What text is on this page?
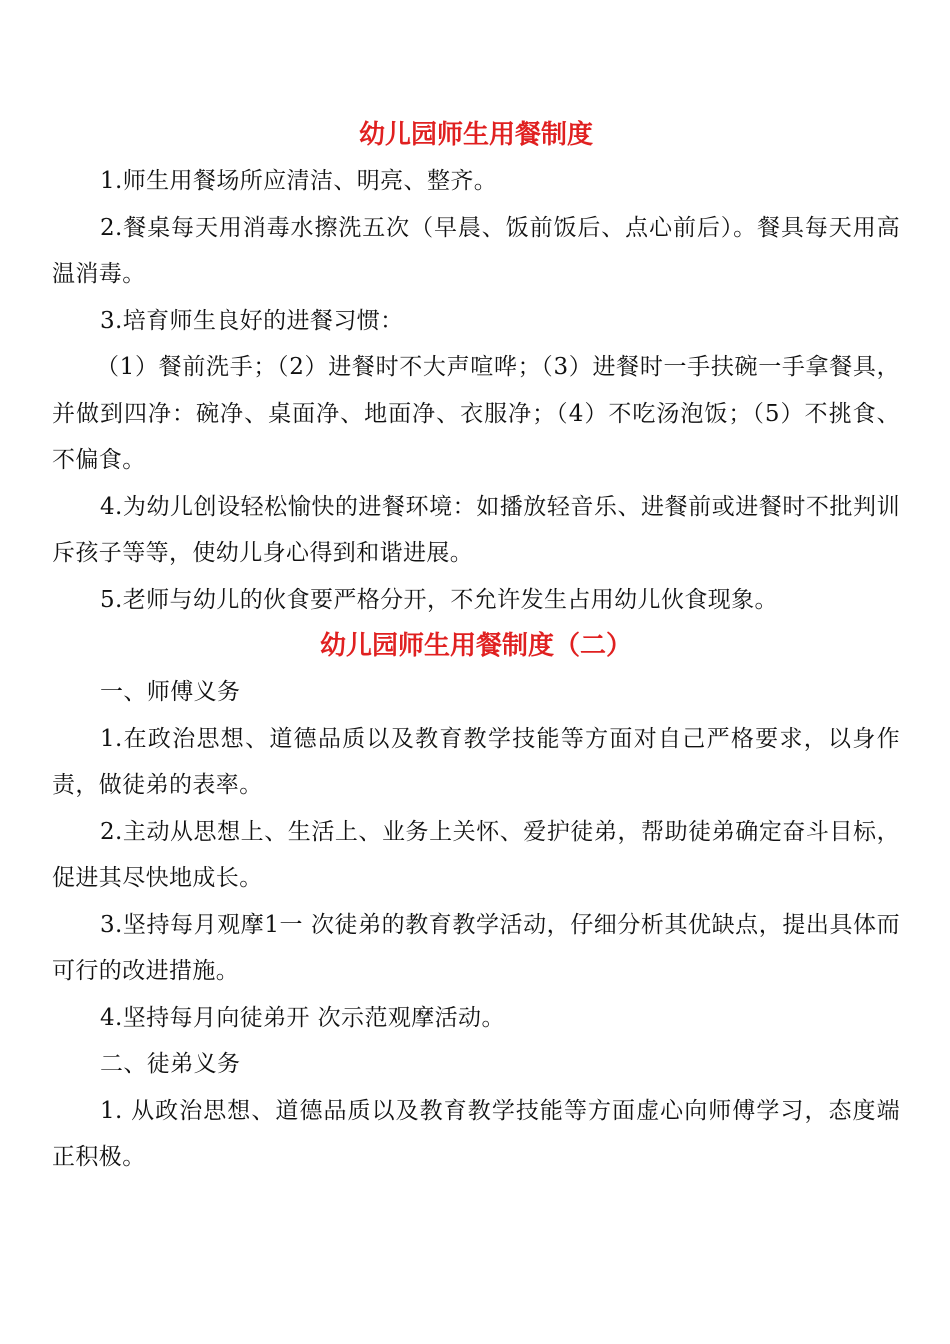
幼儿园师生用餐制度

1.师生用餐场所应清洁、明亮、整齐。

2.餐桌每天用消毒水擦洗五次（早晨、饭前饭后、点心前后）。餐具每天用高温消毒。

3.培育师生良好的进餐习惯：

（1）餐前洗手；（2）进餐时不大声喧哗；（3）进餐时一手扶碗一手拿餐具，并做到四净：碗净、桌面净、地面净、衣服净；（4）不吃汤泡饭；（5）不挑食、不偏食。

4.为幼儿创设轻松愉快的进餐环境：如播放轻音乐、进餐前或进餐时不批判训斥孩子等等，使幼儿身心得到和谐进展。

5.老师与幼儿的伙食要严格分开，不允许发生占用幼儿伙食现象。

幼儿园师生用餐制度（二）

一、师傅义务

1.在政治思想、道德品质以及教育教学技能等方面对自己严格要求，以身作责，做徒弟的表率。

2.主动从思想上、生活上、业务上关怀、爱护徒弟，帮助徒弟确定奋斗目标，促进其尽快地成长。

3.坚持每月观摩1一 次徒弟的教育教学活动，仔细分析其优缺点，提出具体而可行的改进措施。

4.坚持每月向徒弟开 次示范观摩活动。

二、徒弟义务

1. 从政治思想、道德品质以及教育教学技能等方面虚心向师傅学习，态度端正积极。
